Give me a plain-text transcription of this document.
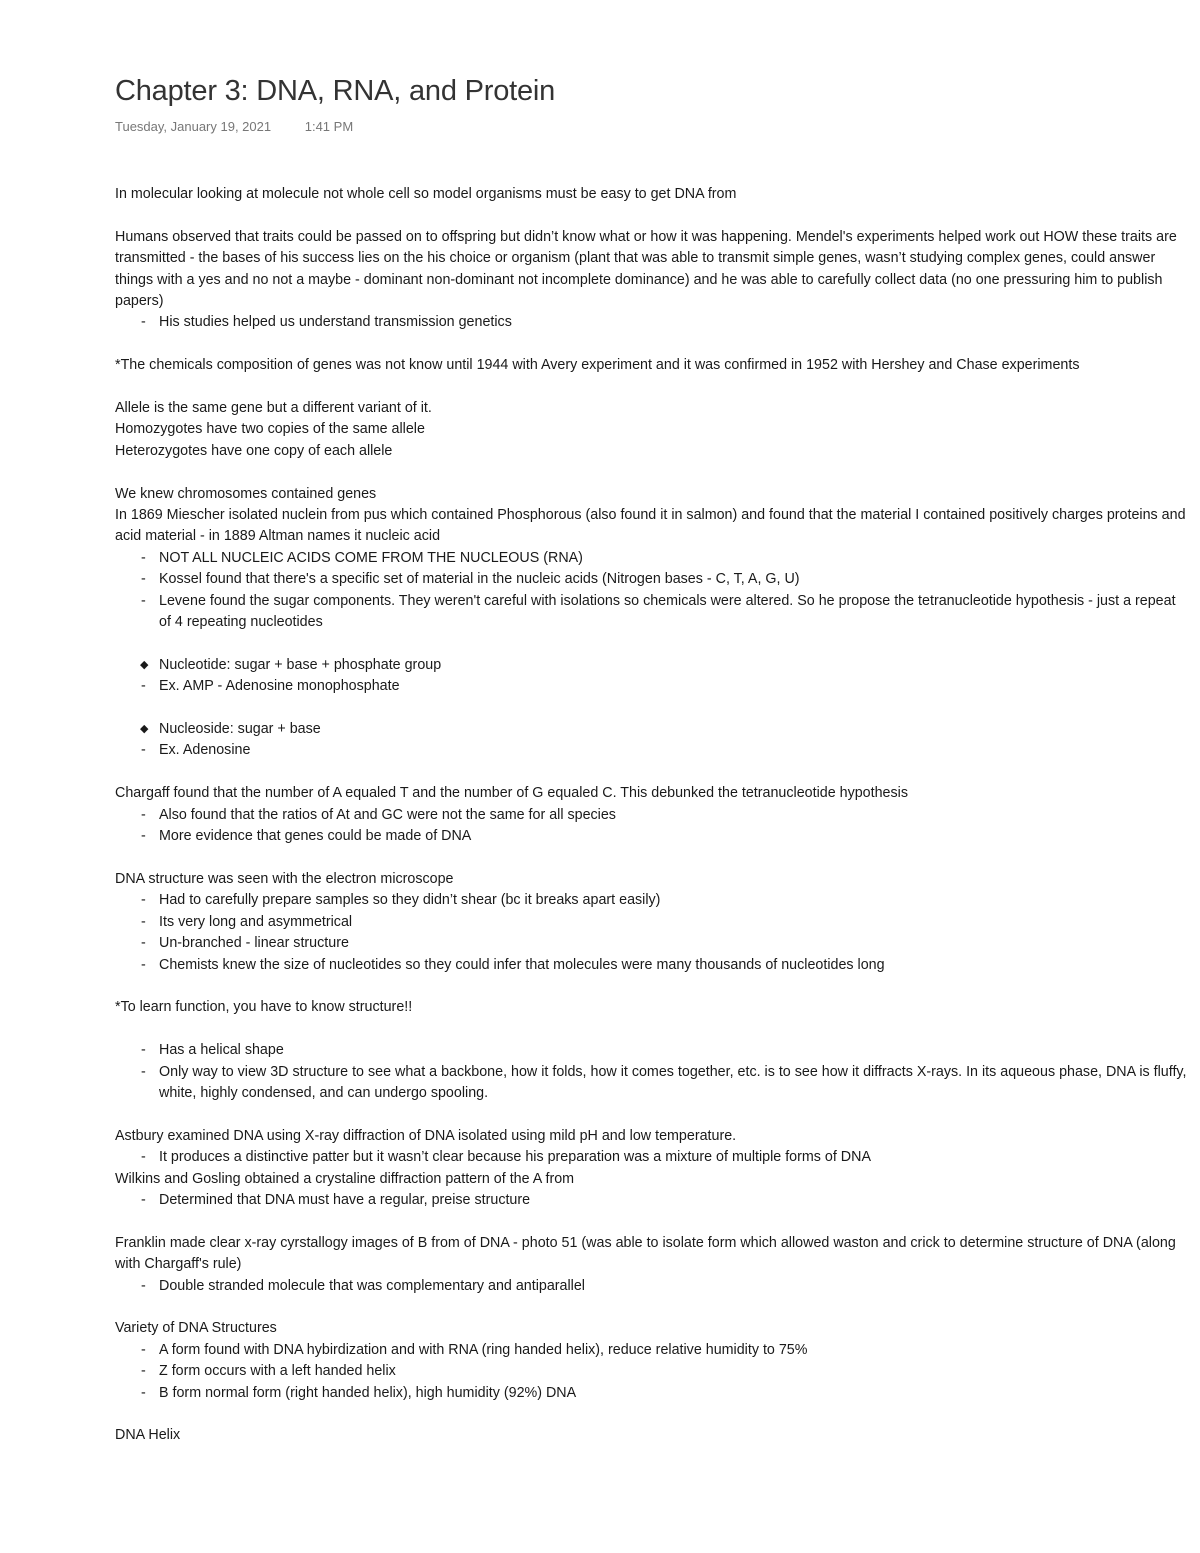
Chapter 3: DNA, RNA, and Protein
Tuesday, January 19, 2021	1:41 PM

In molecular looking at molecule not whole cell so model organisms must be easy to get DNA from

Humans observed that traits could be passed on to offspring but didn’t know what or how it was happening. Mendel's experiments helped work out HOW these traits are transmitted - the bases of his success lies on the his choice or organism (plant that was able to transmit simple genes, wasn’t studying complex genes, could answer things with a yes and no not a maybe - dominant non-dominant not incomplete dominance) and he was able to carefully collect data (no one pressuring him to publish papers)

- His studies helped us understand transmission genetics

*The chemicals composition of genes was not know until 1944 with Avery experiment and it was confirmed in 1952 with Hershey and Chase experiments

Allele is the same gene but a different variant of it.

Homozygotes have two copies of the same allele

Heterozygotes have one copy of each allele

We knew chromosomes contained genes

In 1869 Miescher isolated nuclein from pus which contained Phosphorous (also found it in salmon) and found that the material I contained positively charges proteins and acid material - in 1889 Altman names it nucleic acid

- NOT ALL NUCLEIC ACIDS COME FROM THE NUCLEOUS (RNA)
- Kossel found that there's a specific set of material in the nucleic acids (Nitrogen bases - C, T, A, G, U)
- Levene found the sugar components. They weren't careful with isolations so chemicals were altered. So he propose the tetranucleotide hypothesis - just a repeat of 4 repeating nucleotides
◆ Nucleotide: sugar + base + phosphate group
- Ex. AMP - Adenosine monophosphate
◆ Nucleoside: sugar + base
- Ex. Adenosine

Chargaff found that the number of A equaled T and the number of G equaled C. This debunked the tetranucleotide hypothesis

- Also found that the ratios of At and GC were not the same for all species
- More evidence that genes could be made of DNA

DNA structure was seen with the electron microscope

- Had to carefully prepare samples so they didn’t shear (bc it breaks apart easily)
- Its very long and asymmetrical
- Un-branched - linear structure
- Chemists knew the size of nucleotides so they could infer that molecules were many thousands of nucleotides long

*To learn function, you have to know structure!!

- Has a helical shape
- Only way to view 3D structure to see what a backbone, how it folds, how it comes together, etc. is to see how it diffracts X-rays. In its aqueous phase, DNA is fluffy, white, highly condensed, and can undergo spooling.

Astbury examined DNA using X-ray diffraction of DNA isolated using mild pH and low temperature.

- It produces a distinctive patter but it wasn’t clear because his preparation was a mixture of multiple forms of DNA

Wilkins and Gosling obtained a crystaline diffraction pattern of the A from

- Determined that DNA must have a regular, preise structure

Franklin made clear x-ray cyrstallogy images of B from of DNA - photo 51 (was able to isolate form which allowed waston and crick to determine structure of DNA (along with Chargaff's rule)

- Double stranded molecule that was complementary and antiparallel

Variety of DNA Structures

- A form found with DNA hybirdization and with RNA (ring handed helix), reduce relative humidity to 75%
- Z form occurs with a left handed helix
- B form normal form (right handed helix), high humidity (92%) DNA

DNA Helix
